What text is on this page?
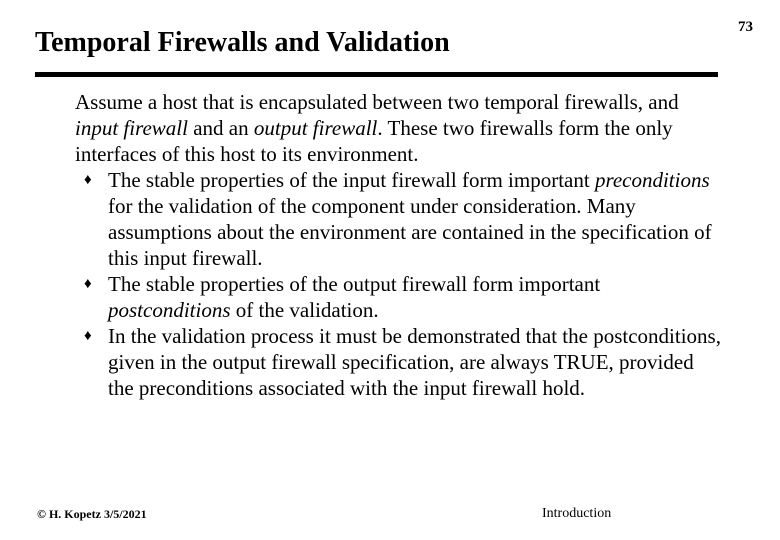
73
Temporal Firewalls and Validation
Assume a host that is encapsulated between two temporal firewalls, and input firewall and an output firewall. These two firewalls form the only interfaces of this host to its environment.
♦ The stable properties of the input firewall form important preconditions for the validation of the component under consideration. Many assumptions about the environment are contained in the specification of this input firewall.
♦ The stable properties of the output firewall form important postconditions of the validation.
♦ In the validation process it must be demonstrated that the postconditions, given in the output firewall specification, are always TRUE, provided the preconditions associated with the input firewall hold.
© H. Kopetz 3/5/2021	Introduction
